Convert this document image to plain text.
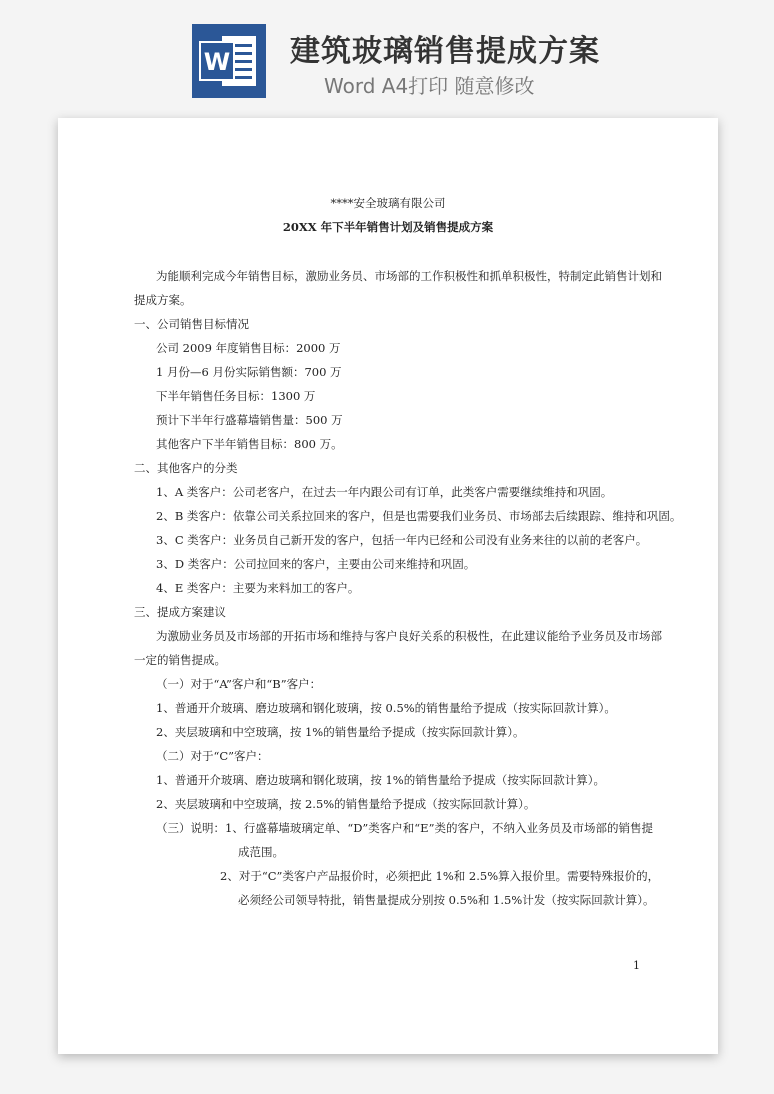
W 建筑玻璃销售提成方案
Word A4打印 随意修改
****安全玻璃有限公司
20XX 年下半年销售计划及销售提成方案
为能顺利完成今年销售目标，激励业务员、市场部的工作积极性和抓单积极性，特制定此销售计划和
提成方案。
一、公司销售目标情况
公司 2009 年度销售目标：2000 万
1 月份—6 月份实际销售额：700 万
下半年销售任务目标：1300 万
预计下半年行盛幕墙销售量：500 万
其他客户下半年销售目标：800 万。
二、其他客户的分类
1、A 类客户：公司老客户，在过去一年内跟公司有订单，此类客户需要继续维持和巩固。
2、B 类客户：依靠公司关系拉回来的客户，但是也需要我们业务员、市场部去后续跟踪、维持和巩固。
3、C 类客户：业务员自己新开发的客户，包括一年内已经和公司没有业务来往的以前的老客户。
3、D 类客户：公司拉回来的客户，主要由公司来维持和巩固。
4、E 类客户：主要为来料加工的客户。
三、提成方案建议
为激励业务员及市场部的开拓市场和维持与客户良好关系的积极性，在此建议能给予业务员及市场部
一定的销售提成。
（一）对于“A”客户和“B”客户：
1、普通开介玻璃、磨边玻璃和钢化玻璃，按 0.5%的销售量给予提成（按实际回款计算）。
2、夹层玻璃和中空玻璃，按 1%的销售量给予提成（按实际回款计算）。
（二）对于“C”客户：
1、普通开介玻璃、磨边玻璃和钢化玻璃，按 1%的销售量给予提成（按实际回款计算）。
2、夹层玻璃和中空玻璃，按 2.5%的销售量给予提成（按实际回款计算）。
（三）说明：1、行盛幕墙玻璃定单、“D”类客户和“E”类的客户，不纳入业务员及市场部的销售提
成范围。
2、对于“C”类客户产品报价时，必须把此 1%和 2.5%算入报价里。需要特殊报价的，
必须经公司领导特批，销售量提成分别按 0.5%和 1.5%计发（按实际回款计算）。
1
